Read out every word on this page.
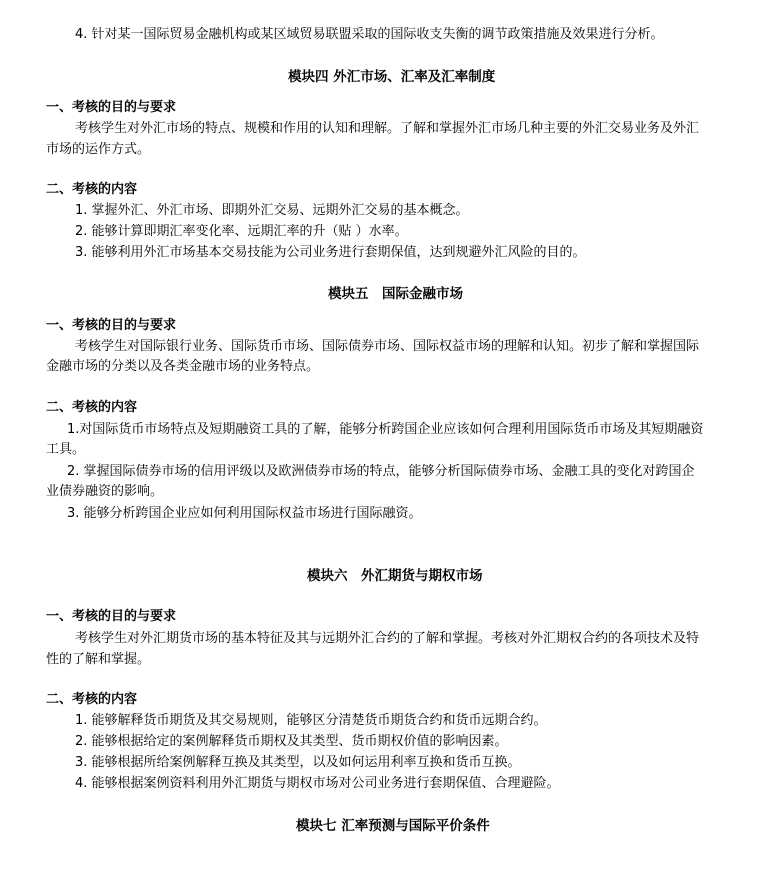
4. 针对某一国际贸易金融机构或某区域贸易联盟采取的国际收支失衡的调节政策措施及效果进行分析。
模块四 外汇市场、汇率及汇率制度
一、考核的目的与要求
考核学生对外汇市场的特点、规模和作用的认知和理解。了解和掌握外汇市场几种主要的外汇交易业务及外汇
市场的运作方式。
二、考核的内容
1. 掌握外汇、外汇市场、即期外汇交易、远期外汇交易的基本概念。
2. 能够计算即期汇率变化率、远期汇率的升（贴 ）水率。
3. 能够利用外汇市场基本交易技能为公司业务进行套期保值，达到规避外汇风险的目的。
模块五　国际金融市场
一、考核的目的与要求
考核学生对国际银行业务、国际货币市场、国际债券市场、国际权益市场的理解和认知。初步了解和掌握国际
金融市场的分类以及各类金融市场的业务特点。
二、考核的内容
1.对国际货币市场特点及短期融资工具的了解，能够分析跨国企业应该如何合理利用国际货币市场及其短期融资
工具。
2. 掌握国际债券市场的信用评级以及欧洲债券市场的特点，能够分析国际债券市场、金融工具的变化对跨国企
业债券融资的影响。
3. 能够分析跨国企业应如何利用国际权益市场进行国际融资。
模块六　外汇期货与期权市场
一、考核的目的与要求
考核学生对外汇期货市场的基本特征及其与远期外汇合约的了解和掌握。考核对外汇期权合约的各项技术及特
性的了解和掌握。
二、考核的内容
1. 能够解释货币期货及其交易规则，能够区分清楚货币期货合约和货币远期合约。
2. 能够根据给定的案例解释货币期权及其类型、货币期权价值的影响因素。
3. 能够根据所给案例解释互换及其类型，以及如何运用利率互换和货币互换。
4. 能够根据案例资料利用外汇期货与期权市场对公司业务进行套期保值、合理避险。
模块七 汇率预测与国际平价条件
